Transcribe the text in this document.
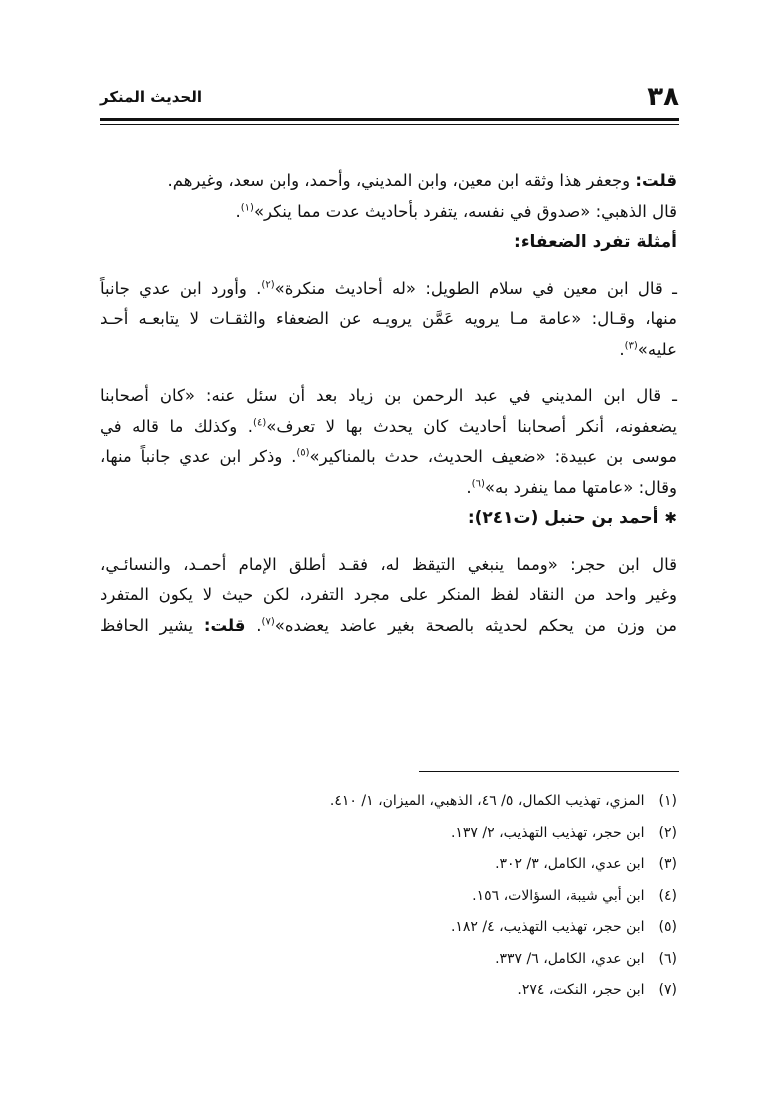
٣٨
الحديث المنكر
قلت: وجعفر هذا وثقه ابن معين، وابن المديني، وأحمد، وابن سعد، وغيرهم.
قال الذهبي: «صدوق في نفسه، يتفرد بأحاديث عدت مما ينكر»$^{(١)}$.
أمثلة تفرد الضعفاء:
ـ قال ابن معين في سلام الطويل: «له أحاديث منكرة»$^{(٢)}$. وأورد ابن عدي جانباً
منها، وقـال: «عامة مـا يرويه عَمَّن يرويـه عن الضعفاء والثقـات لا يتابعـه أحـد
عليه»$^{(٣)}$.
ـ قال ابن المديني في عبد الرحمن بن زياد بعد أن سئل عنه: «كان أصحابنا
يضعفونه، أنكر أصحابنا أحاديث كان يحدث بها لا تعرف»$^{(٤)}$. وكذلك ما قاله في
موسى بن عبيدة: «ضعيف الحديث، حدث بالمناكير»$^{(٥)}$. وذكر ابن عدي جانباً منها،
وقال: «عامتها مما ينفرد به»$^{(٦)}$.
✱أحمد بن حنبل (ت٢٤١):
قال ابن حجر: «ومما ينبغي التيقظ له، فقـد أطلق الإمام أحمـد، والنسائـي،
وغير واحد من النقاد لفظ المنكر على مجرد التفرد، لكن حيث لا يكون المتفرد
من وزن من يحكم لحديثه بالصحة بغير عاضد يعضده»$^{(٧)}$. قلت: يشير الحافظ
(١)المزي، تهذيب الكمال، ٥/ ٤٦، الذهبي، الميزان، ١/ ٤١٠.
(٢)ابن حجر، تهذيب التهذيب، ٢/ ١٣٧.
(٣)ابن عدي، الكامل، ٣/ ٣٠٢.
(٤)ابن أبي شيبة، السؤالات، ١٥٦.
(٥)ابن حجر، تهذيب التهذيب، ٤/ ١٨٢.
(٦)ابن عدي، الكامل، ٦/ ٣٣٧.
(٧)ابن حجر، النكت، ٢٧٤.
